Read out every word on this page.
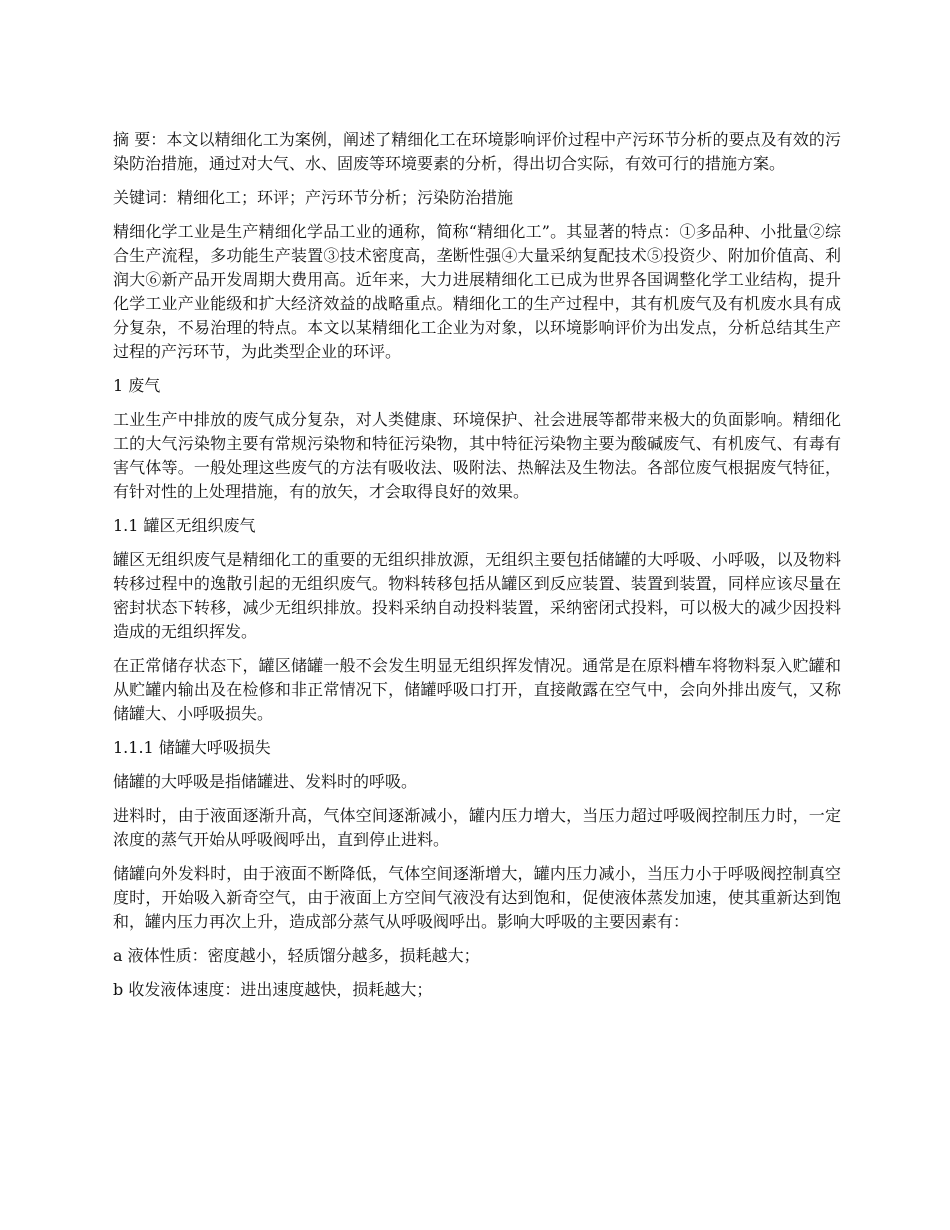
摘 要：本文以精细化工为案例，阐述了精细化工在环境影响评价过程中产污环节分析的要点及有效的污染防治措施，通过对大气、水、固废等环境要素的分析，得出切合实际，有效可行的措施方案。

关键词：精细化工；环评；产污环节分析；污染防治措施

精细化学工业是生产精细化学品工业的通称，简称“精细化工”。其显著的特点：①多品种、小批量②综合生产流程，多功能生产装置③技术密度高，垄断性强④大量采纳复配技术⑤投资少、附加价值高、利润大⑥新产品开发周期大费用高。近年来，大力进展精细化工已成为世界各国调整化学工业结构，提升化学工业产业能级和扩大经济效益的战略重点。精细化工的生产过程中，其有机废气及有机废水具有成分复杂，不易治理的特点。本文以某精细化工企业为对象，以环境影响评价为出发点，分析总结其生产过程的产污环节，为此类型企业的环评。

1 废气

工业生产中排放的废气成分复杂，对人类健康、环境保护、社会进展等都带来极大的负面影响。精细化工的大气污染物主要有常规污染物和特征污染物，其中特征污染物主要为酸碱废气、有机废气、有毒有害气体等。一般处理这些废气的方法有吸收法、吸附法、热解法及生物法。各部位废气根据废气特征，有针对性的上处理措施，有的放矢，才会取得良好的效果。

1.1 罐区无组织废气

罐区无组织废气是精细化工的重要的无组织排放源，无组织主要包括储罐的大呼吸、小呼吸，以及物料转移过程中的逸散引起的无组织废气。物料转移包括从罐区到反应装置、装置到装置，同样应该尽量在密封状态下转移，减少无组织排放。投料采纳自动投料装置，采纳密闭式投料，可以极大的减少因投料造成的无组织挥发。

在正常储存状态下，罐区储罐一般不会发生明显无组织挥发情况。通常是在原料槽车将物料泵入贮罐和从贮罐内输出及在检修和非正常情况下，储罐呼吸口打开，直接敞露在空气中，会向外排出废气，又称储罐大、小呼吸损失。

1.1.1 储罐大呼吸损失

储罐的大呼吸是指储罐进、发料时的呼吸。

进料时，由于液面逐渐升高，气体空间逐渐减小，罐内压力增大，当压力超过呼吸阀控制压力时，一定浓度的蒸气开始从呼吸阀呼出，直到停止进料。

储罐向外发料时，由于液面不断降低，气体空间逐渐增大，罐内压力减小，当压力小于呼吸阀控制真空度时，开始吸入新奇空气，由于液面上方空间气液没有达到饱和，促使液体蒸发加速，使其重新达到饱和，罐内压力再次上升，造成部分蒸气从呼吸阀呼出。影响大呼吸的主要因素有：

a 液体性质：密度越小，轻质馏分越多，损耗越大；

b 收发液体速度：进出速度越快，损耗越大；
